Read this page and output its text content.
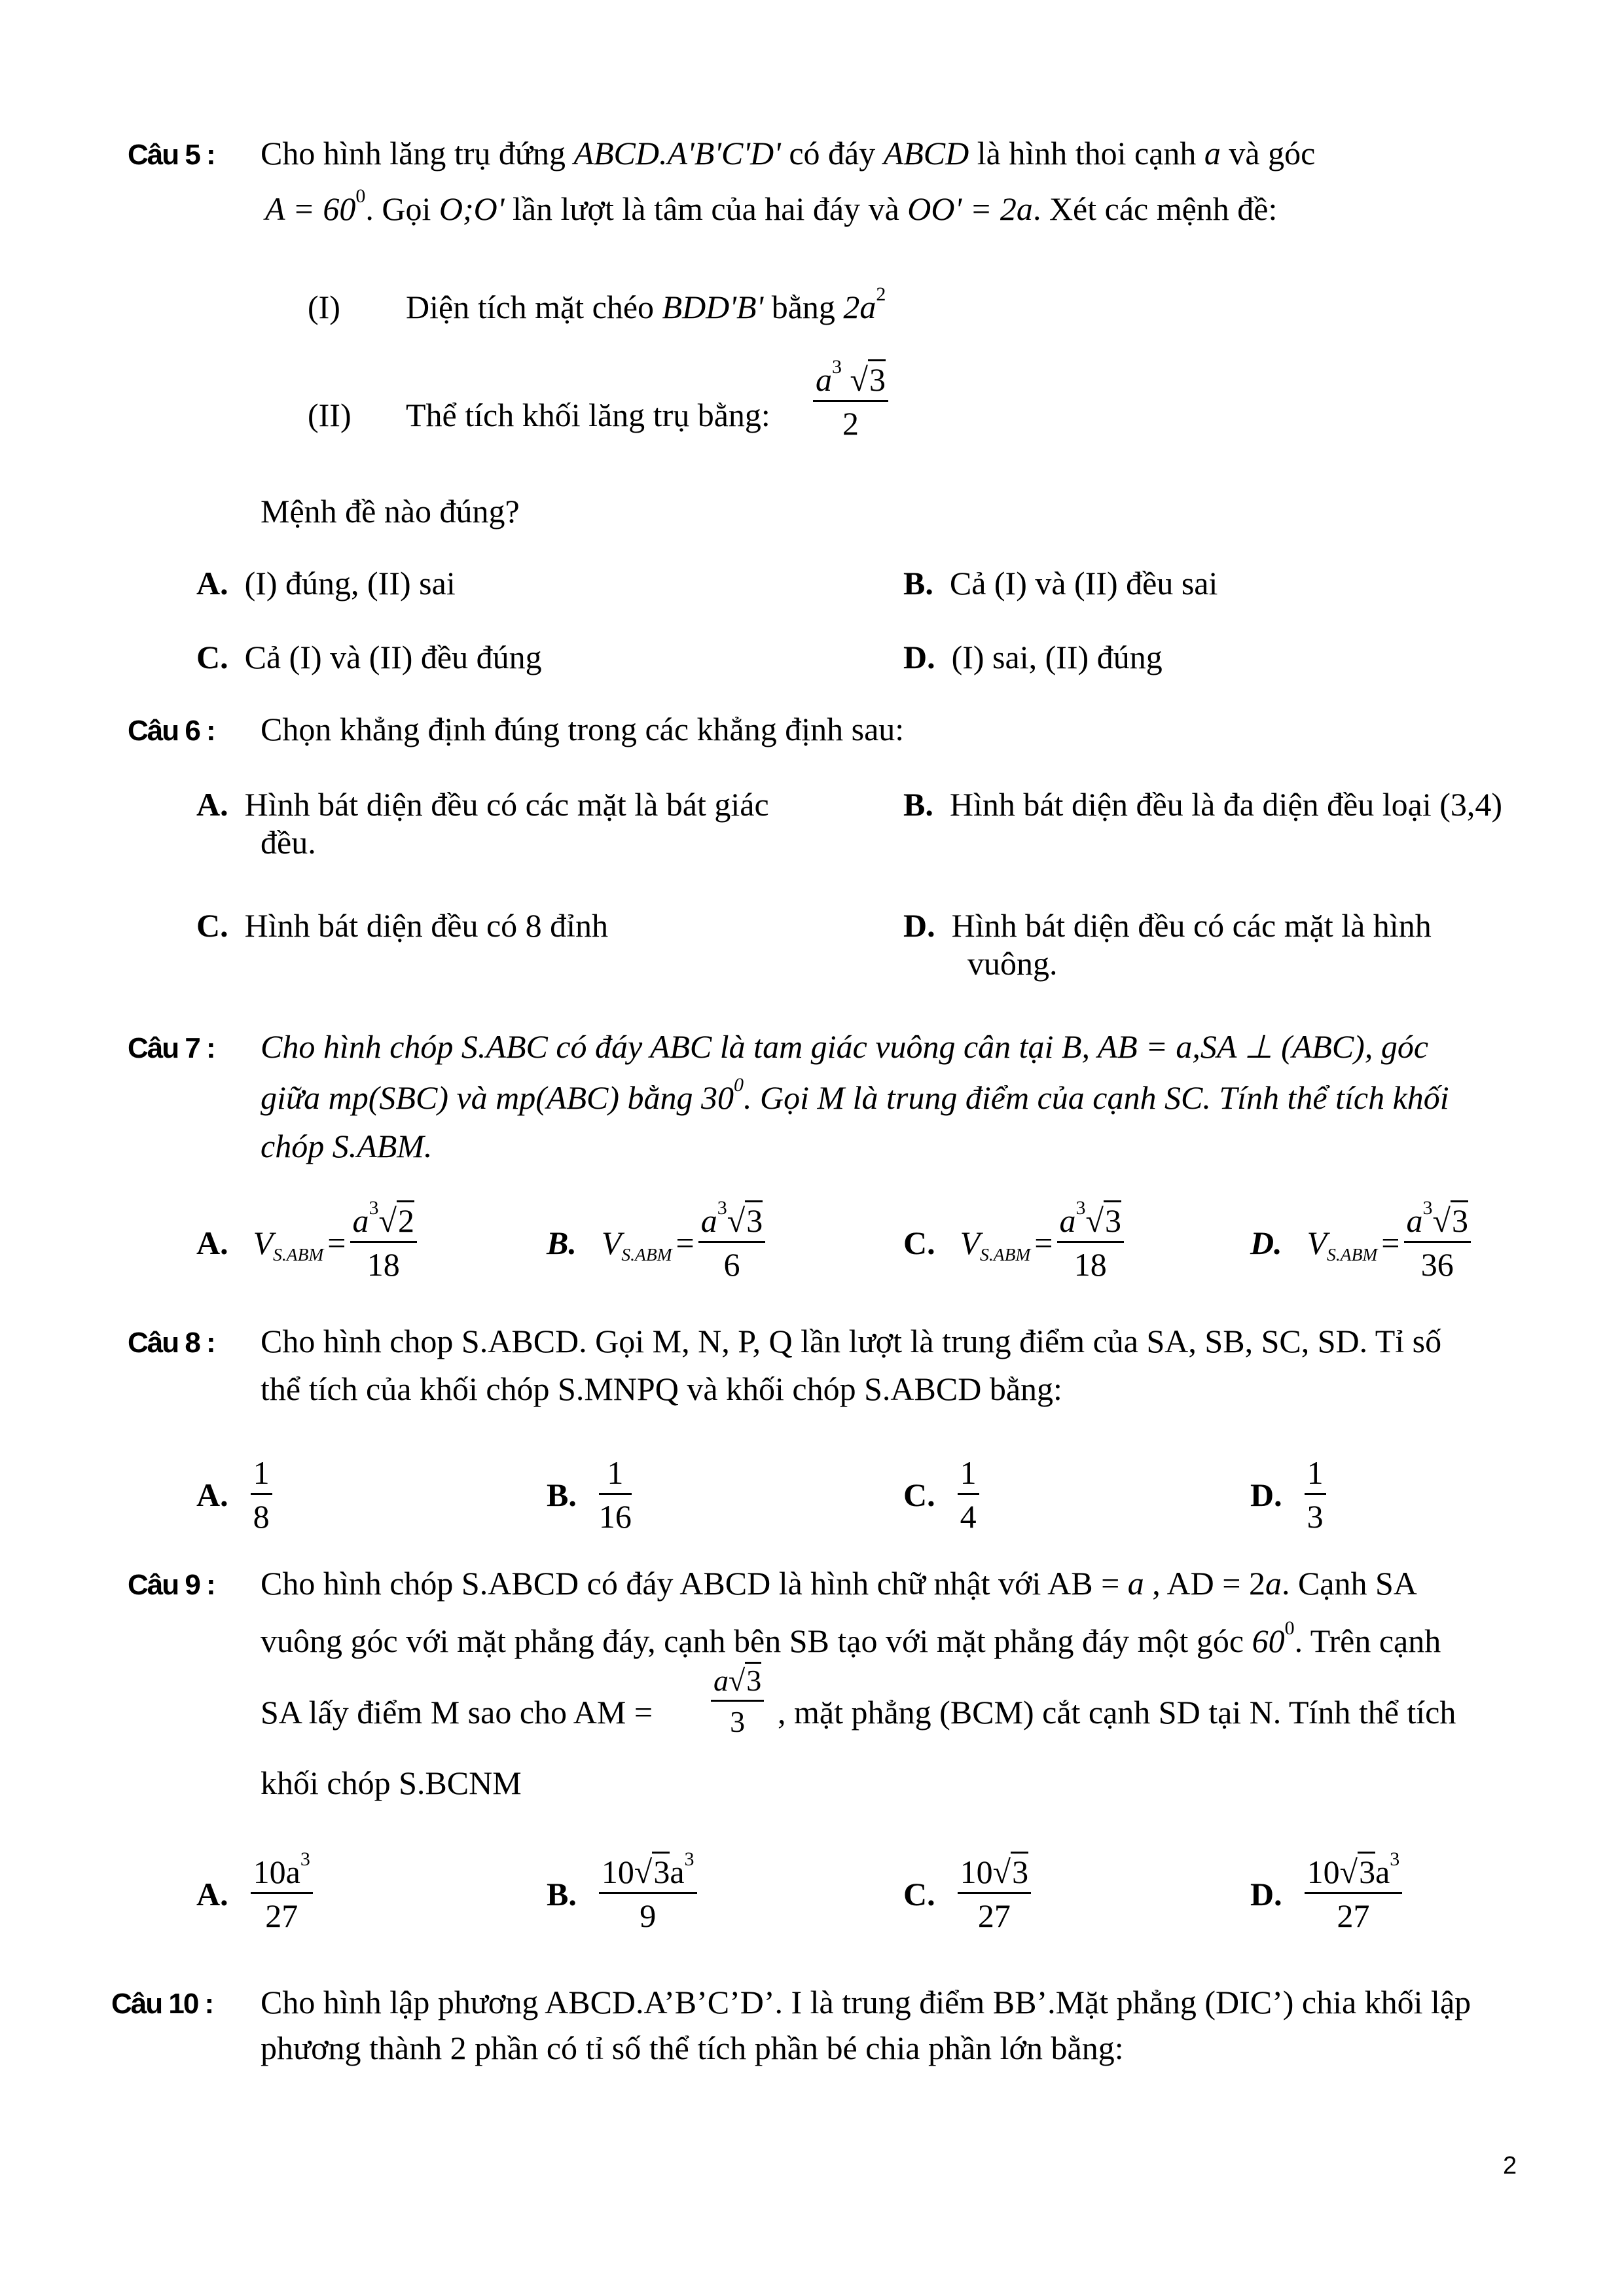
Câu 5 : Cho hình lăng trụ đứng ABCD.A'B'C'D' có đáy ABCD là hình thoi cạnh a và góc
$A = 60^0$. Gọi O;O' lần lượt là tâm của hai đáy và OO' = 2a. Xét các mệnh đề:
(I) Diện tích mặt chéo BDD'B' bằng $2a^2$
(II) Thể tích khối lăng trụ bằng: $\frac{a^3 √3}{2}$
Mệnh đề nào đúng?
A. (I) đúng, (II) sai	B. Cả (I) và (II) đều sai
C. Cả (I) và (II) đều đúng	D. (I) sai, (II) đúng
Câu 6 : Chọn khẳng định đúng trong các khẳng định sau:
A. Hình bát diện đều có các mặt là bát giác
đều.
B. Hình bát diện đều là đa diện đều loại (3,4)
C. Hình bát diện đều có 8 đỉnh	D. Hình bát diện đều có các mặt là hình
vuông.
Câu 7 : Cho hình chóp S.ABC có đáy ABC là tam giác vuông cân tại B, AB = a,SA ⊥ (ABC), góc
giữa mp(SBC) và mp(ABC) bằng $30^0$. Gọi M là trung điểm của cạnh SC. Tính thể tích khối
chóp S.ABM.
A. $V_{S.ABM} = \frac{a^3√2}{18}$	B. $V_{S.ABM} = \frac{a^3√3}{6}$	C. $V_{S.ABM} = \frac{a^3√3}{18}$	D. $V_{S.ABM} = \frac{a^3√3}{36}$
Câu 8 : Cho hình chop S.ABCD. Gọi M, N, P, Q lần lượt là trung điểm của SA, SB, SC, SD. Tỉ số
thể tích của khối chóp S.MNPQ và khối chóp S.ABCD bằng:
A. $\frac{1}{8}$	B. $\frac{1}{16}$	C. $\frac{1}{4}$	D. $\frac{1}{3}$
Câu 9 : Cho hình chóp S.ABCD có đáy ABCD là hình chữ nhật với AB = a , AD = 2a. Cạnh SA
vuông góc với mặt phẳng đáy, cạnh bên SB tạo với mặt phẳng đáy một góc $60^0$. Trên cạnh
SA lấy điểm M sao cho AM = $\frac{a√3}{3}$ , mặt phẳng (BCM) cắt cạnh SD tại N. Tính thể tích
khối chóp S.BCNM
A. $\frac{10a^3}{27}$	B. $\frac{10√3a^3}{9}$	C. $\frac{10√3}{27}$	D. $\frac{10√3a^3}{27}$
Câu 10 : Cho hình lập phương ABCD.A’B’C’D’. I là trung điểm BB’.Mặt phẳng (DIC’) chia khối lập
phương thành 2 phần có tỉ số thể tích phần bé chia phần lớn bằng:
2
